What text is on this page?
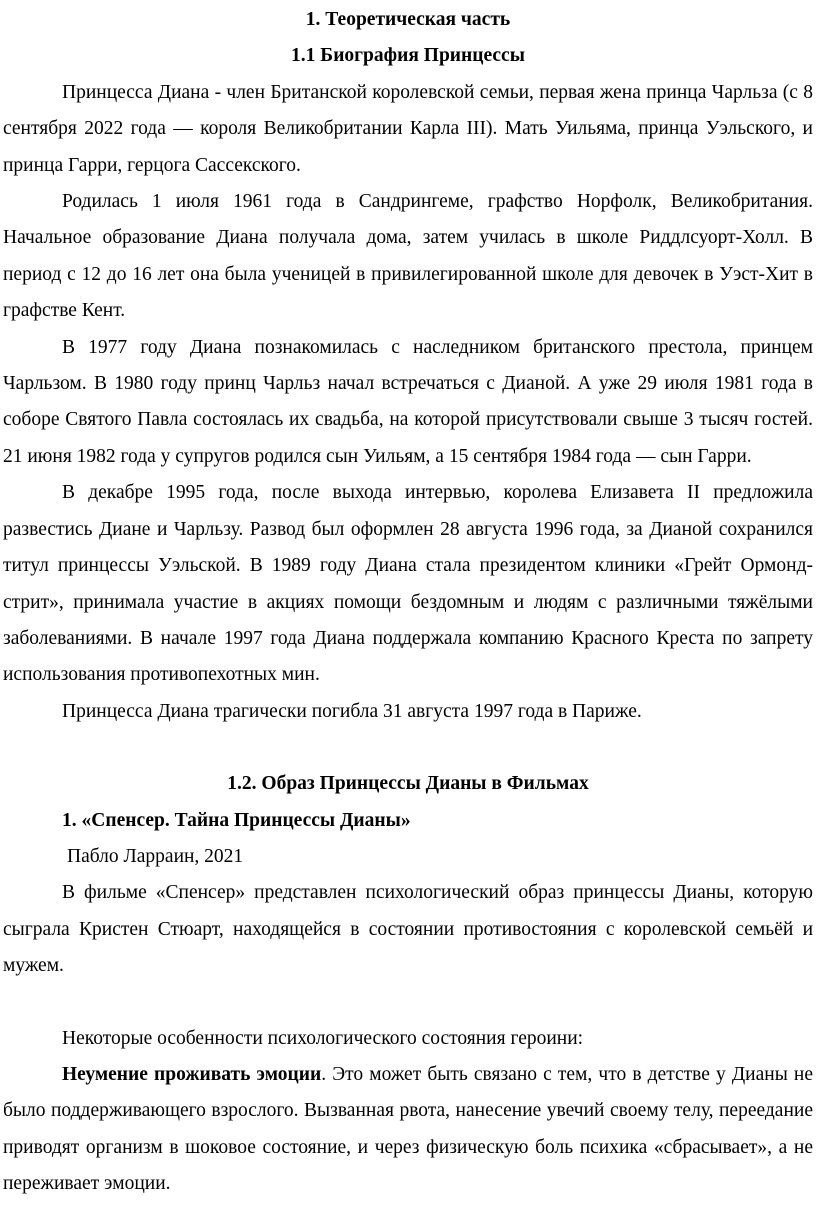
1. Теоретическая часть

1.1 Биография Принцессы

Принцесса Диана - член Британской королевской семьи, первая жена принца Чарльза (с 8 сентября 2022 года — короля Великобритании Карла III). Мать Уильяма, принца Уэльского, и принца Гарри, герцога Сассекского.

Родилась 1 июля 1961 года в Сандрингеме, графство Норфолк, Великобритания. Начальное образование Диана получала дома, затем училась в школе Риддлсуорт-Холл. В период с 12 до 16 лет она была ученицей в привилегированной школе для девочек в Уэст-Хит в графстве Кент.

В 1977 году Диана познакомилась с наследником британского престола, принцем Чарльзом. В 1980 году принц Чарльз начал встречаться с Дианой. А уже 29 июля 1981 года в соборе Святого Павла состоялась их свадьба, на которой присутствовали свыше 3 тысяч гостей. 21 июня 1982 года у супругов родился сын Уильям, а 15 сентября 1984 года — сын Гарри.

В декабре 1995 года, после выхода интервью, королева Елизавета II предложила развестись Диане и Чарльзу. Развод был оформлен 28 августа 1996 года, за Дианой сохранился титул принцессы Уэльской. В 1989 году Диана стала президентом клиники «Грейт Ормонд-стрит», принимала участие в акциях помощи бездомным и людям с различными тяжёлыми заболеваниями. В начале 1997 года Диана поддержала компанию Красного Креста по запрету использования противопехотных мин.

Принцесса Диана трагически погибла 31 августа 1997 года в Париже.

1.2. Образ Принцессы Дианы в Фильмах

1. «Спенсер. Тайна Принцессы Дианы»

Пабло Ларраин, 2021

В фильме «Спенсер» представлен психологический образ принцессы Дианы, которую сыграла Кристен Стюарт, находящейся в состоянии противостояния с королевской семьёй и мужем.

Некоторые особенности психологического состояния героини:

Неумение проживать эмоции. Это может быть связано с тем, что в детстве у Дианы не было поддерживающего взрослого. Вызванная рвота, нанесение увечий своему телу, переедание приводят организм в шоковое состояние, и через физическую боль психика «сбрасывает», а не переживает эмоции.
